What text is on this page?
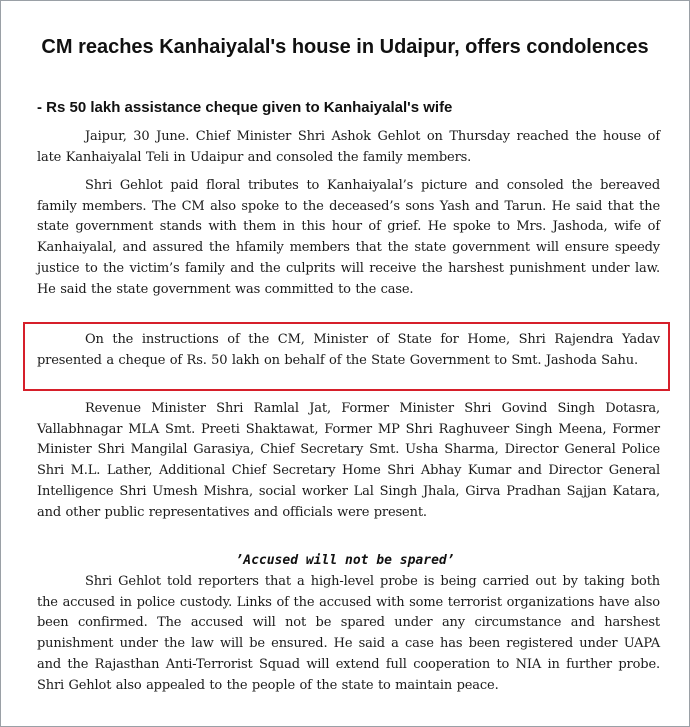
CM reaches Kanhaiyalal's house in Udaipur, offers condolences
- Rs 50 lakh assistance cheque given to Kanhaiyalal's wife

Jaipur, 30 June. Chief Minister Shri Ashok Gehlot on Thursday reached the house of late Kanhaiyalal Teli in Udaipur and consoled the family members.

Shri Gehlot paid floral tributes to Kanhaiyalal’s picture and consoled the bereaved family members. The CM also spoke to the deceased’s sons Yash and Tarun. He said that the state government stands with them in this hour of grief. He spoke to Mrs. Jashoda, wife of Kanhaiyalal, and assured the hfamily members that the state government will ensure speedy justice to the victim’s family and the culprits will receive the harshest punishment under law. He said the state government was committed to the case.

On the instructions of the CM, Minister of State for Home, Shri Rajendra Yadav presented a cheque of Rs. 50 lakh on behalf of the State Government to Smt. Jashoda Sahu.

Revenue Minister Shri Ramlal Jat, Former Minister Shri Govind Singh Dotasra, Vallabhnagar MLA Smt. Preeti Shaktawat, Former MP Shri Raghuveer Singh Meena, Former Minister Shri Mangilal Garasiya, Chief Secretary Smt. Usha Sharma, Director General Police Shri M.L. Lather, Additional Chief Secretary Home Shri Abhay Kumar and Director General Intelligence Shri Umesh Mishra, social worker Lal Singh Jhala, Girva Pradhan Sajjan Katara, and other public representatives and officials were present.

’Accused will not be spared’

Shri Gehlot told reporters that a high-level probe is being carried out by taking both the accused in police custody. Links of the accused with some terrorist organizations have also been confirmed. The accused will not be spared under any circumstance and harshest punishment under the law will be ensured. He said a case has been registered under UAPA and the Rajasthan Anti-Terrorist Squad will extend full cooperation to NIA in further probe. Shri Gehlot also appealed to the people of the state to maintain peace.
